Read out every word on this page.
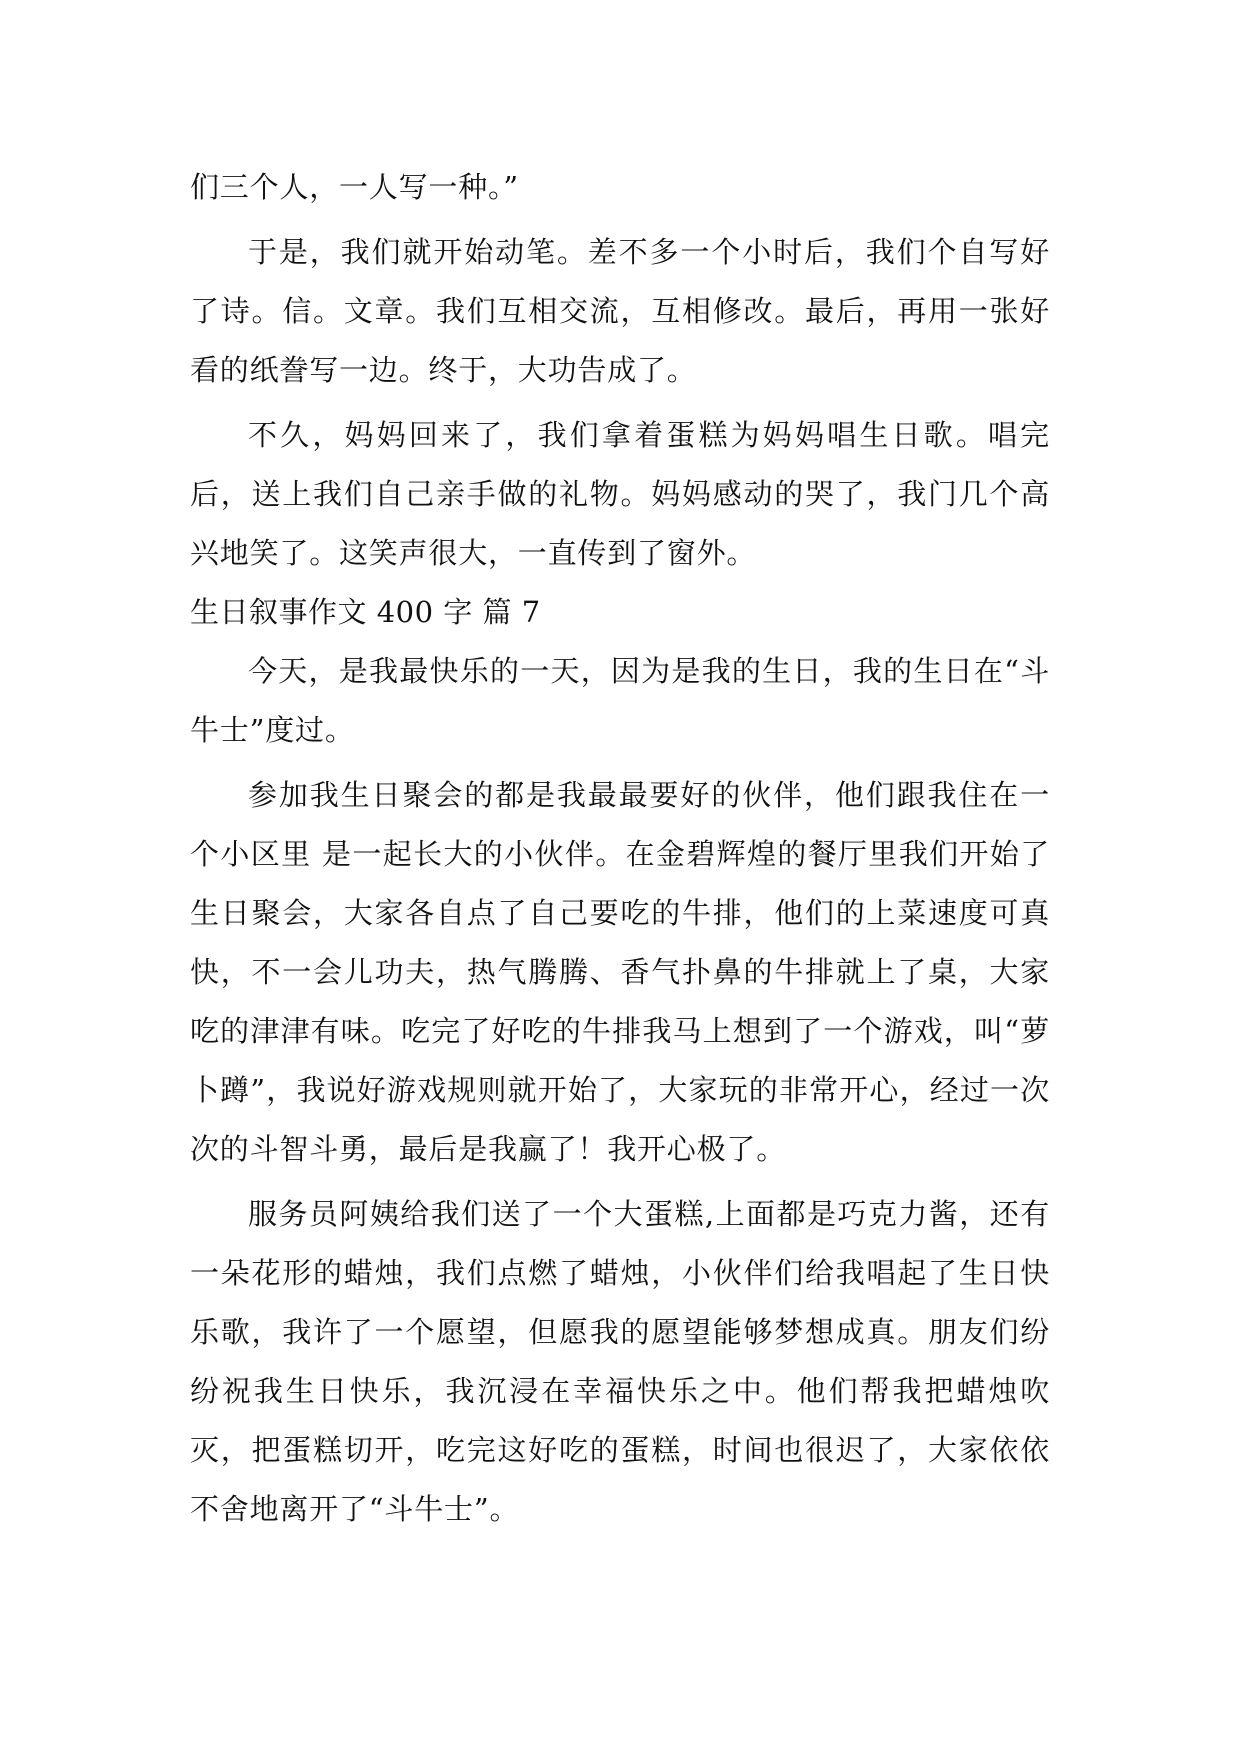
们三个人，一人写一种。”

于是，我们就开始动笔。差不多一个小时后，我们个自写好了诗。信。文章。我们互相交流，互相修改。最后，再用一张好看的纸誊写一边。终于，大功告成了。

不久，妈妈回来了，我们拿着蛋糕为妈妈唱生日歌。唱完后，送上我们自己亲手做的礼物。妈妈感动的哭了，我门几个高兴地笑了。这笑声很大，一直传到了窗外。

生日叙事作文 400 字 篇 7

今天，是我最快乐的一天，因为是我的生日，我的生日在“斗牛士”度过。

参加我生日聚会的都是我最最要好的伙伴，他们跟我住在一个小区里 是一起长大的小伙伴。在金碧辉煌的餐厅里我们开始了生日聚会，大家各自点了自己要吃的牛排，他们的上菜速度可真快，不一会儿功夫，热气腾腾、香气扑鼻的牛排就上了桌，大家吃的津津有味。吃完了好吃的牛排我马上想到了一个游戏，叫“萝卜蹲”，我说好游戏规则就开始了，大家玩的非常开心，经过一次次的斗智斗勇，最后是我赢了！我开心极了。

服务员阿姨给我们送了一个大蛋糕,上面都是巧克力酱，还有一朵花形的蜡烛，我们点燃了蜡烛，小伙伴们给我唱起了生日快乐歌，我许了一个愿望，但愿我的愿望能够梦想成真。朋友们纷纷祝我生日快乐，我沉浸在幸福快乐之中。他们帮我把蜡烛吹灭，把蛋糕切开，吃完这好吃的蛋糕，时间也很迟了，大家依依不舍地离开了“斗牛士”。
